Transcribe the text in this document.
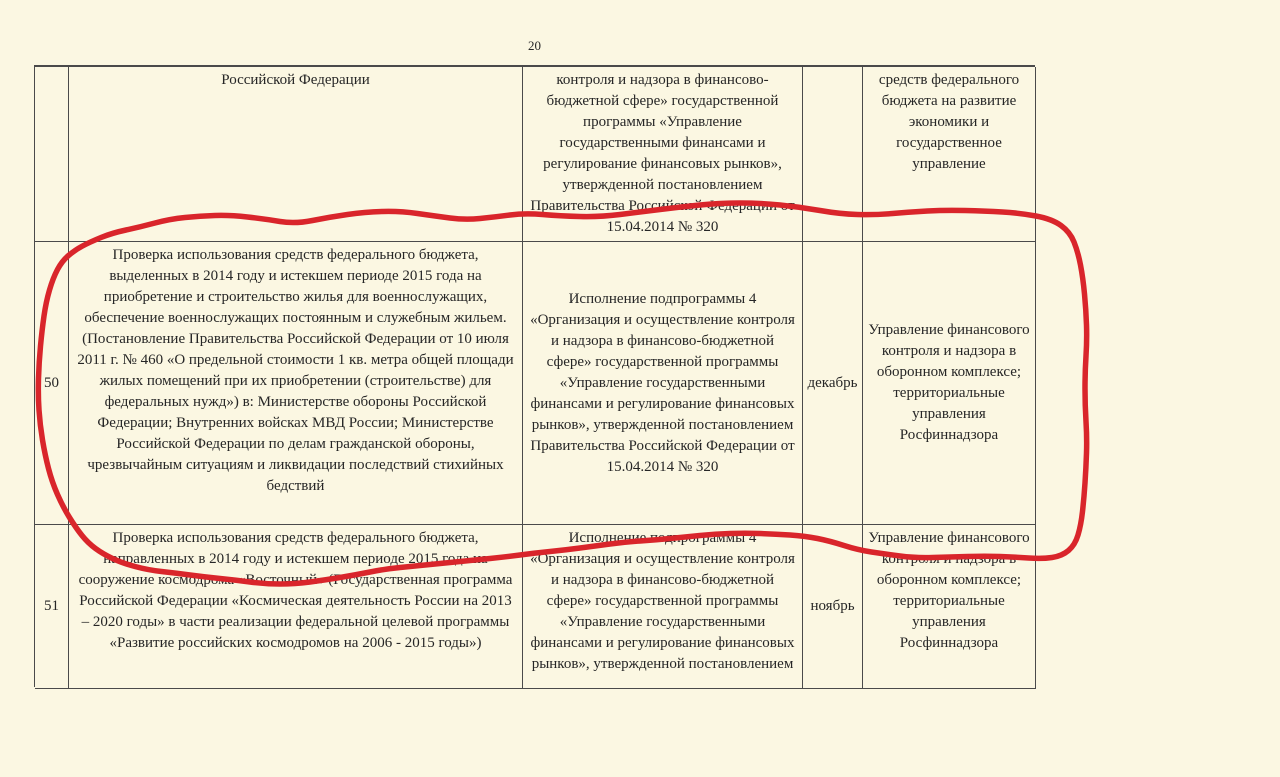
20
Российской Федерации	контроля и надзора в финансово-бюджетной сфере» государственной программы «Управление государственными финансами и регулирование финансовых рынков», утвержденной постановлением Правительства Российской Федерации от 15.04.2014 № 320
средств федерального бюджета на развитие экономики и государственное управление
50
Проверка использования средств федерального бюджета, выделенных в 2014 году и истекшем периоде 2015 года на приобретение и строительство жилья для военнослужащих, обеспечение военнослужащих постоянным и служебным жильем. (Постановление Правительства Российской Федерации от 10 июля 2011 г. № 460 «О предельной стоимости 1 кв. метра общей площади жилых помещений при их приобретении (строительстве) для федеральных нужд») в: Министерстве обороны Российской Федерации; Внутренних войсках МВД России; Министерстве Российской Федерации по делам гражданской обороны, чрезвычайным ситуациям и ликвидации последствий стихийных бедствий
Исполнение подпрограммы 4 «Организация и осуществление контроля и надзора в финансово-бюджетной сфере» государственной программы «Управление государственными финансами и регулирование финансовых рынков», утвержденной постановлением Правительства Российской Федерации от 15.04.2014 № 320
декабрь
Управление финансового контроля и надзора в оборонном комплексе; территориальные управления Росфиннадзора
51
Проверка использования средств федерального бюджета, направленных в 2014 году и истекшем периоде 2015 года на сооружение космодрома «Восточный» (Государственная программа Российской Федерации «Космическая деятельность России на 2013 – 2020 годы» в части реализации федеральной целевой программы «Развитие российских космодромов на 2006 - 2015 годы»)
Исполнение подпрограммы 4 «Организация и осуществление контроля и надзора в финансово-бюджетной сфере» государственной программы «Управление государственными финансами и регулирование финансовых рынков», утвержденной постановлением
ноябрь
Управление финансового контроля и надзора в оборонном комплексе; территориальные управления Росфиннадзора
